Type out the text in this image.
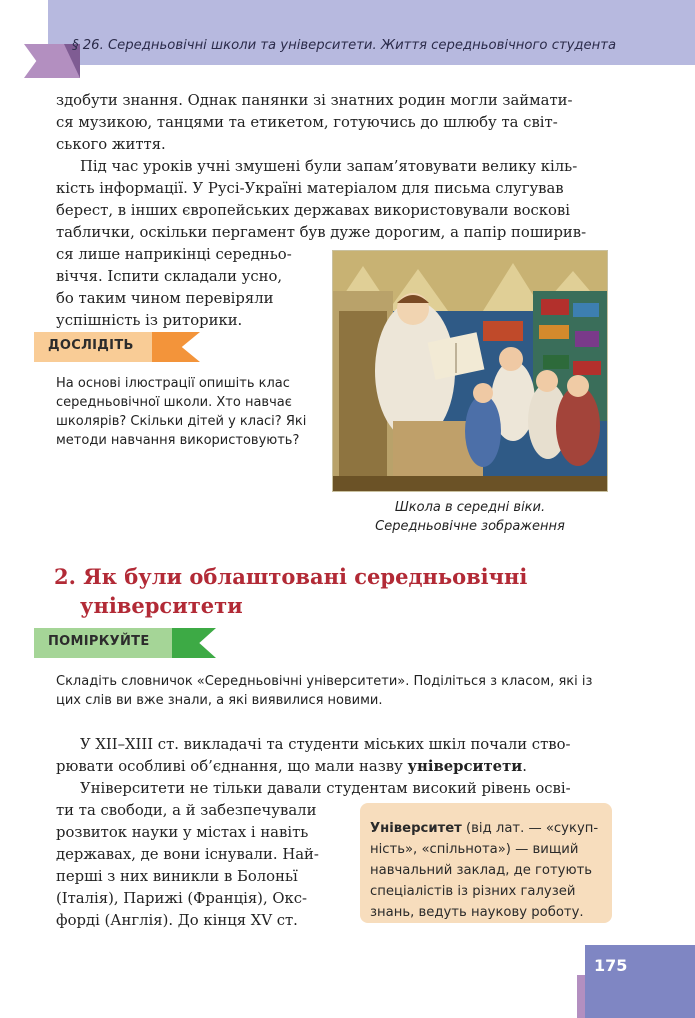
§ 26. Середньовічні школи та університети. Життя середньовічного студента
здобути знання. Однак панянки зі знатних родин могли займати-
ся музикою, танцями та етикетом, готуючись до шлюбу та світ-
ського життя.
Під час уроків учні змушені були запам’ятовувати велику кіль-
кість інформації. У Русі-Україні матеріалом для письма слугував
берест, в інших європейських державах використовували воскові
таблички, оскільки пергамент був дуже дорогим, а папір поширив-
ся лише наприкінці середньо-
віччя. Іспити складали усно,
бо таким чином перевіряли
успішність із риторики.
ДОСЛІДІТЬ
На основі ілюстрації опишіть клас
середньовічної школи. Хто навчає
школярів? Скільки дітей у класі? Які
методи навчання використовують?
Школа в середні віки.
Середньовічне зображення
2. Як були облаштовані середньовічні
університети
ПОМІРКУЙТЕ
Складіть словничок «Середньовічні університети». Поділіться з класом, які із
цих слів ви вже знали, а які виявилися новими.
У XII–XIII ст. викладачі та студенти міських шкіл почали ство-
рювати особливі об’єднання, що мали назву університети.
Університети не тільки давали студентам високий рівень осві-
ти та свободи, а й забезпечували
розвиток науки у містах і навіть
державах, де вони існували. Най-
перші з них виникли в Болоньї
(Італія), Парижі (Франція), Окс-
форді (Англія). До кінця XV ст.
Університет (від лат. — «сукуп-
ність», «спільнота») — вищий
навчальний заклад, де готують
спеціалістів із різних галузей
знань, ведуть наукову роботу.
175
